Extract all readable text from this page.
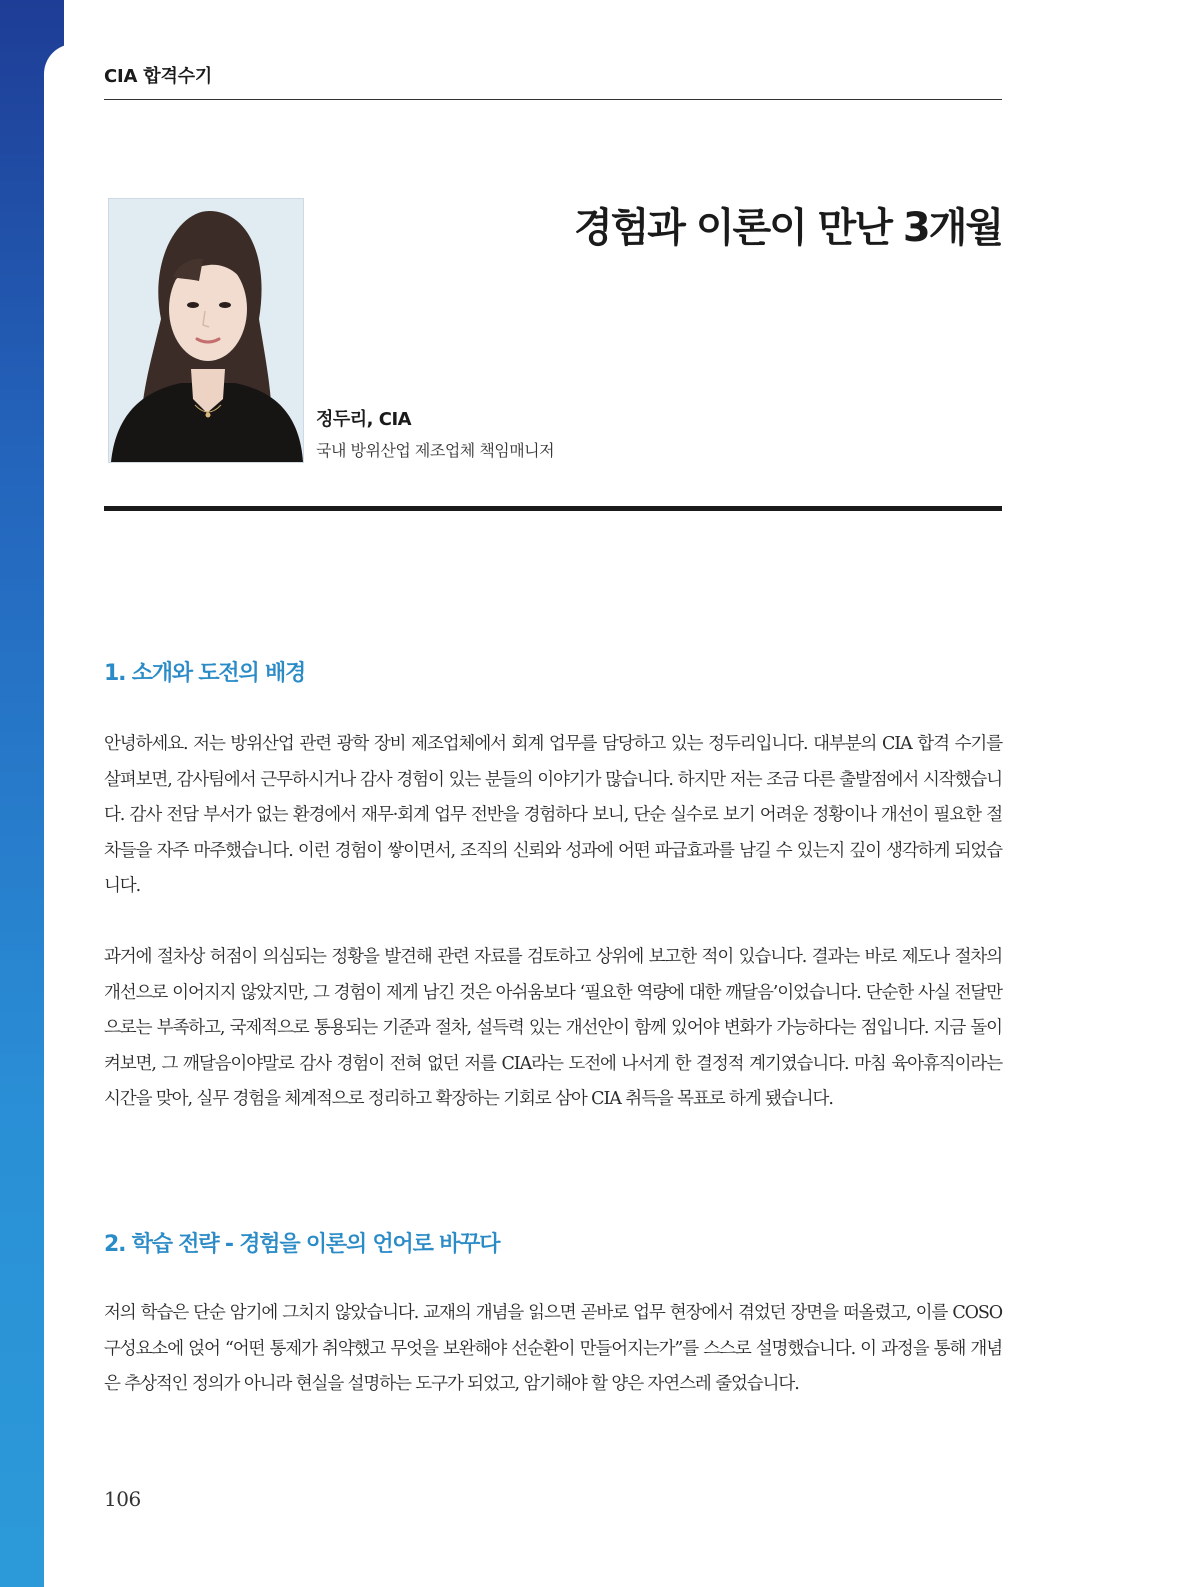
CIA 합격수기
경험과 이론이 만난 3개월
정두리, CIA
국내 방위산업 제조업체 책임매니저
1. 소개와 도전의 배경

안녕하세요. 저는 방위산업 관련 광학 장비 제조업체에서 회계 업무를 담당하고 있는 정두리입니다. 대부분의 CIA 합격 수기를 살펴보면, 감사팀에서 근무하시거나 감사 경험이 있는 분들의 이야기가 많습니다. 하지만 저는 조금 다른 출발점에서 시작했습니다. 감사 전담 부서가 없는 환경에서 재무·회계 업무 전반을 경험하다 보니, 단순 실수로 보기 어려운 정황이나 개선이 필요한 절차들을 자주 마주했습니다. 이런 경험이 쌓이면서, 조직의 신뢰와 성과에 어떤 파급효과를 남길 수 있는지 깊이 생각하게 되었습니다.

과거에 절차상 허점이 의심되는 정황을 발견해 관련 자료를 검토하고 상위에 보고한 적이 있습니다. 결과는 바로 제도나 절차의 개선으로 이어지지 않았지만, 그 경험이 제게 남긴 것은 아쉬움보다 ‘필요한 역량에 대한 깨달음’이었습니다. 단순한 사실 전달만으로는 부족하고, 국제적으로 통용되는 기준과 절차, 설득력 있는 개선안이 함께 있어야 변화가 가능하다는 점입니다. 지금 돌이켜보면, 그 깨달음이야말로 감사 경험이 전혀 없던 저를 CIA라는 도전에 나서게 한 결정적 계기였습니다. 마침 육아휴직이라는 시간을 맞아, 실무 경험을 체계적으로 정리하고 확장하는 기회로 삼아 CIA 취득을 목표로 하게 됐습니다.

2. 학습 전략 - 경험을 이론의 언어로 바꾸다

저의 학습은 단순 암기에 그치지 않았습니다. 교재의 개념을 읽으면 곧바로 업무 현장에서 겪었던 장면을 떠올렸고, 이를 COSO 구성요소에 얹어 “어떤 통제가 취약했고 무엇을 보완해야 선순환이 만들어지는가”를 스스로 설명했습니다. 이 과정을 통해 개념은 추상적인 정의가 아니라 현실을 설명하는 도구가 되었고, 암기해야 할 양은 자연스레 줄었습니다.

106
